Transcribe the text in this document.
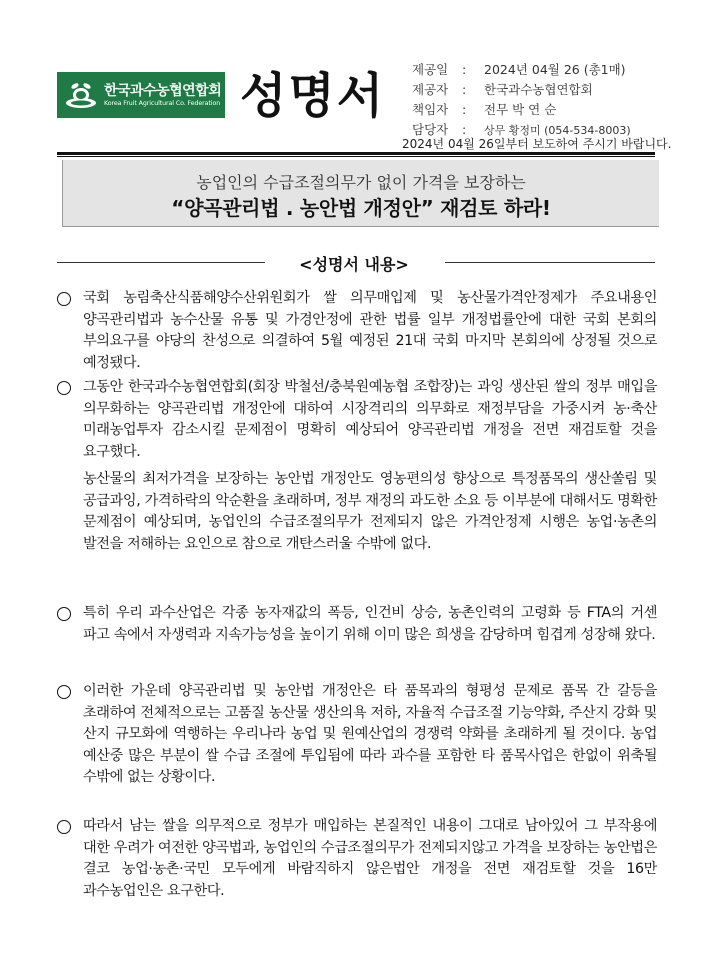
한국과수농협연합회
Korea Fruit Agricultural Co. Federation 성명서 제공일 : 2024년 04월 26 (총1매)
제공자 : 한국과수농협연합회
책임자 : 전무 박 연 순
담당자 : 상무 황정미 (054-534-8003)
2024년 04월 26일부터 보도하여 주시기 바랍니다.
농업인의 수급조절의무가 없이 가격을 보장하는
“양곡관리법 . 농안법 개정안” 재검토 하라!
<성명서 내용>
국회 농림축산식품해양수산위원회가 쌀 의무매입제 및 농산물가격안정제가 주요내용인 양곡관리법과 농수산물 유통 및 가경안정에 관한 법률 일부 개정법률안에 대한 국회 본회의 부의요구를 야당의 찬성으로 의결하여 5월 예정된 21대 국회 마지막 본회의에 상정될 것으로 예정됐다.
그동안 한국과수농협연합회(회장 박철선/충북원예농협 조합장)는 과잉 생산된 쌀의 정부 매입을 의무화하는 양곡관리법 개정안에 대하여 시장격리의 의무화로 재정부담을 가중시켜 농·축산 미래농업투자 감소시킬 문제점이 명확히 예상되어 양곡관리법 개정을 전면 재검토할 것을 요구했다.
농산물의 최저가격을 보장하는 농안법 개정안도 영농편의성 향상으로 특정품목의 생산쏠림 및 공급과잉, 가격하락의 악순환을 초래하며, 정부 재정의 과도한 소요 등 이부분에 대해서도 명확한 문제점이 예상되며, 농업인의 수급조절의무가 전제되지 않은 가격안정제 시행은 농업·농촌의 발전을 저해하는 요인으로 참으로 개탄스러울 수밖에 없다.
특히 우리 과수산업은 각종 농자재값의 폭등, 인건비 상승, 농촌인력의 고령화 등 FTA의 거센 파고 속에서 자생력과 지속가능성을 높이기 위해 이미 많은 희생을 감당하며 힘겹게 성장해 왔다.
이러한 가운데 양곡관리법 및 농안법 개정안은 타 품목과의 형평성 문제로 품목 간 갈등을 초래하여 전체적으로는 고품질 농산물 생산의욕 저하, 자율적 수급조절 기능약화, 주산지 강화 및 산지 규모화에 역행하는 우리나라 농업 및 원예산업의 경쟁력 약화를 초래하게 될 것이다. 농업 예산중 많은 부분이 쌀 수급 조절에 투입됨에 따라 과수를 포함한 타 품목사업은 한없이 위축될 수밖에 없는 상황이다.
따라서 남는 쌀을 의무적으로 정부가 매입하는 본질적인 내용이 그대로 남아있어 그 부작용에 대한 우려가 여전한 양곡법과, 농업인의 수급조절의무가 전제되지않고 가격을 보장하는 농안법은 결코 농업·농촌·국민 모두에게 바람직하지 않은법안 개정을 전면 재검토할 것을 16만 과수농업인은 요구한다.
